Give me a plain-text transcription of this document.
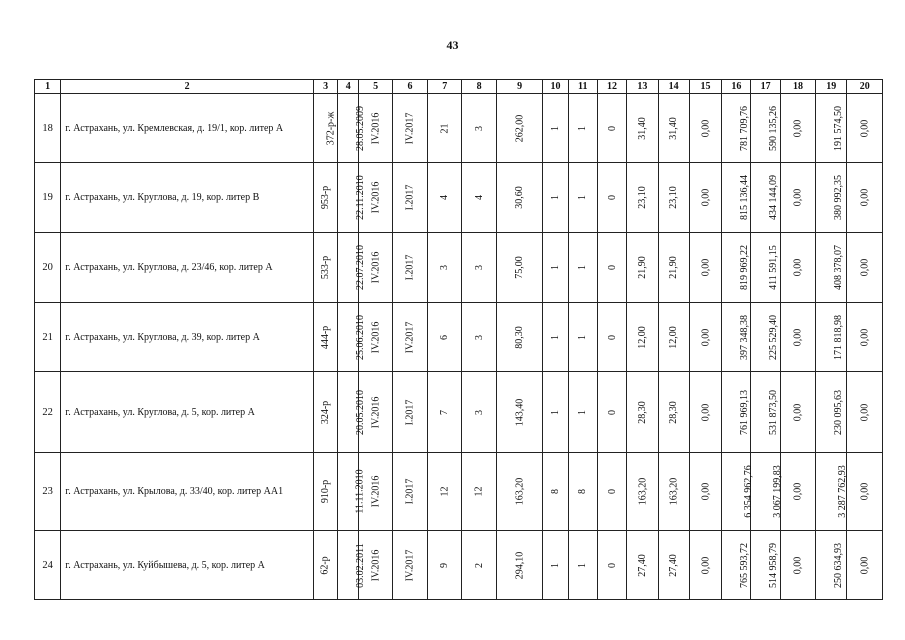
43
1	2	3	4	5	6	7	8	9	10	11	12	13	14	15	16	17	18	19	20
18	г. Астрахань, ул. Кремлевская, д. 19/1, кор. литер А	372-р-ж	28.05.2009	IV.2016	IV.2017	21	3	262,00	1	1	0	31,40	31,40	0,00	781 709,76	590 135,26	0,00	191 574,50	0,00
19	г. Астрахань, ул. Круглова, д. 19, кор. литер В	953-р	22.11.2010	IV.2016	I.2017	4	4	30,60	1	1	0	23,10	23,10	0,00	815 136,44	434 144,09	0,00	380 992,35	0,00
20	г. Астрахань, ул. Круглова, д. 23/46, кор. литер А	533-р	22.07.2010	IV.2016	I.2017	3	3	75,00	1	1	0	21,90	21,90	0,00	819 969,22	411 591,15	0,00	408 378,07	0,00
21	г. Астрахань, ул. Круглова, д. 39, кор. литер А	444-р	25.06.2010	IV.2016	IV.2017	6	3	80,30	1	1	0	12,00	12,00	0,00	397 348,38	225 529,40	0,00	171 818,98	0,00
22	г. Астрахань, ул. Круглова, д. 5, кор. литер А	324-р	20.05.2010	IV.2016	I.2017	7	3	143,40	1	1	0	28,30	28,30	0,00	761 969,13	531 873,50	0,00	230 095,63	0,00
23	г. Астрахань, ул. Крылова, д. 33/40, кор. литер АА1	910-р	11.11.2010	IV.2016	I.2017	12	12	163,20	8	8	0	163,20	163,20	0,00	6 354 962,76	3 067 199,83	0,00	3 287 762,93	0,00
24	г. Астрахань, ул. Куйбышева, д. 5, кор. литер А	62-р	03.02.2011	IV.2016	IV.2017	9	2	294,10	1	1	0	27,40	27,40	0,00	765 593,72	514 958,79	0,00	250 634,93	0,00
